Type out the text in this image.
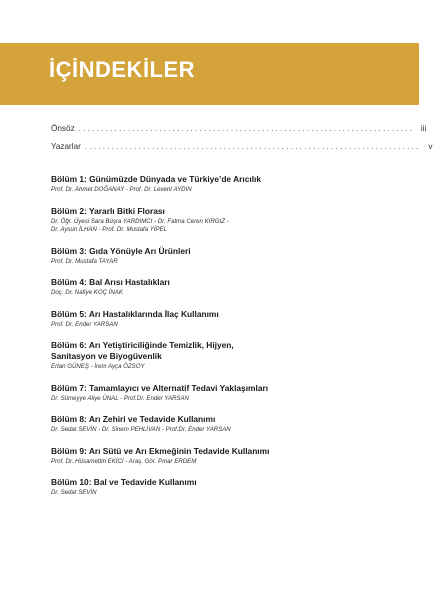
İÇİNDEKİLER
Önsöz ........................................................................... iii
Yazarlar ........................................................................... v
Bölüm 1: Günümüzde Dünyada ve Türkiye’de Arıcılık
Prof. Dr. Ahmet DOĞANAY - Prof. Dr. Levent AYDIN
Bölüm 2: Yararlı Bitki Florası
Dr. Öğr. Üyesi Sara Büşra YARDIMCI - Dr. Fatma Ceren KIRGIZ -
Dr. Aysun İLHAN - Prof. Dr. Mustafa YİPEL
Bölüm 3: Gıda Yönüyle Arı Ürünleri
Prof. Dr. Mustafa TAYAR
Bölüm 4: Bal Arısı Hastalıkları
Doç. Dr. Nafiye KOÇ İNAK
Bölüm 5: Arı Hastalıklarında İlaç Kullanımı
Prof. Dr. Ender YARSAN
Bölüm 6: Arı Yetiştiriciliğinde Temizlik, Hijyen,
Sanitasyon ve Biyogüvenlik
Ertan GÜNEŞ - İrem Ayça ÖZSOY
Bölüm 7: Tamamlayıcı ve Alternatif Tedavi Yaklaşımları
Dr. Sümeyye Aliye ÜNAL - Prof.Dr. Ender YARSAN
Bölüm 8: Arı Zehiri ve Tedavide Kullanımı
Dr. Sedat SEVİN - Dr. Sinem PEHLİVAN - Prof.Dr. Ender YARSAN
Bölüm 9: Arı Sütü ve Arı Ekmeğinin Tedavide Kullanımı
Prof. Dr. Hüsamettin EKİCİ - Araş. Gör. Pınar ERDEM
Bölüm 10: Bal ve Tedavide Kullanımı
Dr. Sedat SEVİN
